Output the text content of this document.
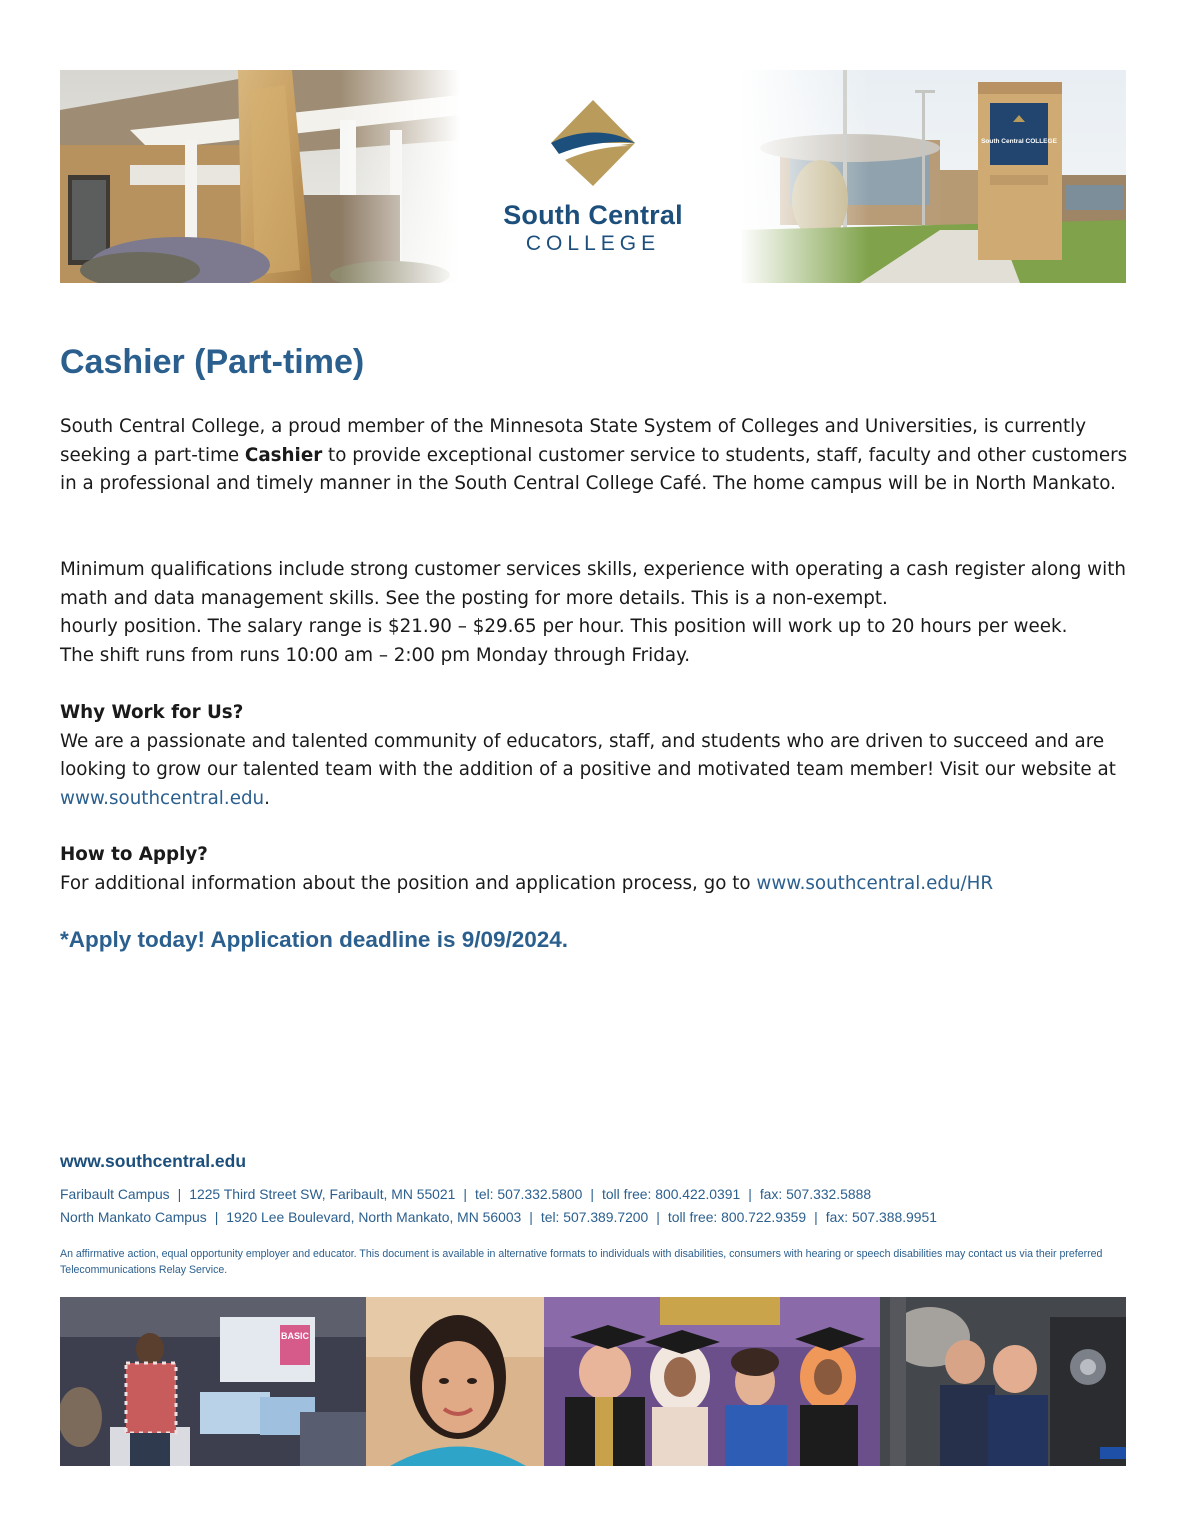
South Central COLLEGE
South Central
COLLEGE
Cashier (Part-time)
South Central College, a proud member of the Minnesota State System of Colleges and Universities, is currently seeking a part-time Cashier to provide exceptional customer service to students, staff, faculty and other customers in a professional and timely manner in the South Central College Café. The home campus will be in North Mankato.
Minimum qualifications include strong customer services skills, experience with operating a cash register along with math and data management skills. See the posting for more details. This is a non-exempt.
hourly position. The salary range is $21.90 – $29.65 per hour. This position will work up to 20 hours per week.
The shift runs from runs 10:00 am – 2:00 pm Monday through Friday.
Why Work for Us?
We are a passionate and talented community of educators, staff, and students who are driven to succeed and are looking to grow our talented team with the addition of a positive and motivated team member! Visit our website at www.southcentral.edu.
How to Apply?
For additional information about the position and application process, go to www.southcentral.edu/HR
*Apply today! Application deadline is 9/09/2024.
www.southcentral.edu
Faribault Campus | 1225 Third Street SW, Faribault, MN 55021 | tel: 507.332.5800 | toll free: 800.422.0391 | fax: 507.332.5888
North Mankato Campus | 1920 Lee Boulevard, North Mankato, MN 56003 | tel: 507.389.7200 | toll free: 800.722.9359 | fax: 507.388.9951
An affirmative action, equal opportunity employer and educator. This document is available in alternative formats to individuals with disabilities, consumers with hearing or speech disabilities may contact us via their preferred Telecommunications Relay Service.
BASIC
